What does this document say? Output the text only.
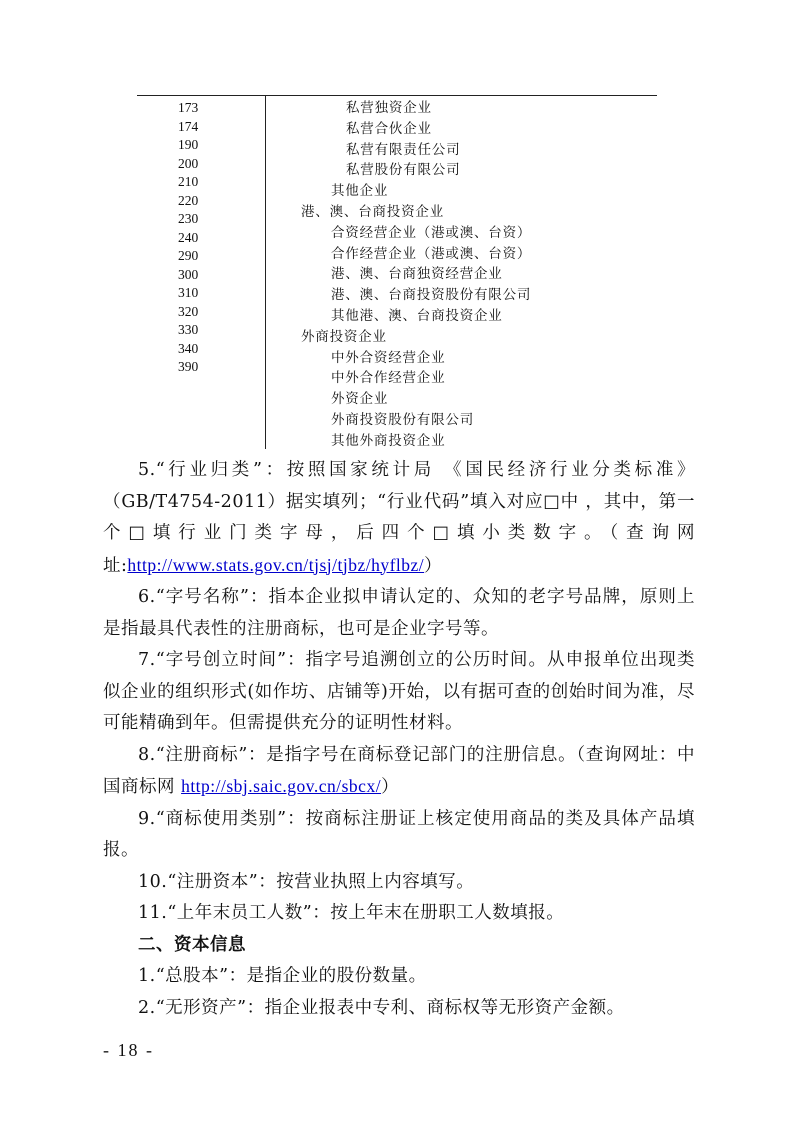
173
174
190
200
210
220
230
240
290
300
310
320
330
340
390
私营独资企业
私营合伙企业
私营有限责任公司
私营股份有限公司
其他企业
港、澳、台商投资企业
合资经营企业（港或澳、台资）
合作经营企业（港或澳、台资）
港、澳、台商独资经营企业
港、澳、台商投资股份有限公司
其他港、澳、台商投资企业
外商投资企业
中外合资经营企业
中外合作经营企业
外资企业
外商投资股份有限公司
其他外商投资企业

5.“行业归类”：按照国家统计局 《国民经济行业分类标准》（GB/T4754-2011）据实填列；“行业代码”填入对应□中 ，其中，第一个□填行业门类字母，后四个□填小类数字。（查询网址:http://www.stats.gov.cn/tjsj/tjbz/hyflbz/）

6.“字号名称”：指本企业拟申请认定的、众知的老字号品牌，原则上是指最具代表性的注册商标，也可是企业字号等。

7.“字号创立时间”：指字号追溯创立的公历时间。从申报单位出现类似企业的组织形式(如作坊、店铺等)开始，以有据可查的创始时间为准，尽可能精确到年。但需提供充分的证明性材料。

8.“注册商标”：是指字号在商标登记部门的注册信息。（查询网址：中国商标网 http://sbj.saic.gov.cn/sbcx/）

9.“商标使用类别”：按商标注册证上核定使用商品的类及具体产品填报。

10.“注册资本”：按营业执照上内容填写。

11.“上年末员工人数”：按上年末在册职工人数填报。

二、资本信息

1.“总股本”：是指企业的股份数量。

2.“无形资产”：指企业报表中专利、商标权等无形资产金额。

- 18 -
